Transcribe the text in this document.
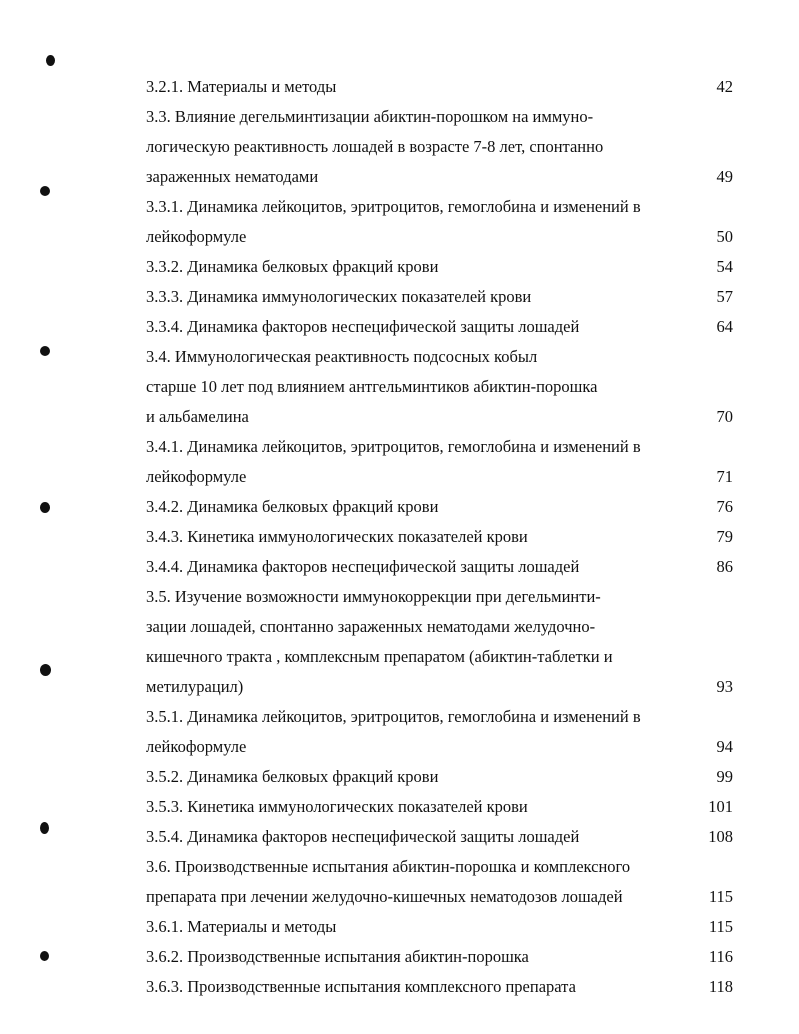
3.2.1. Материалы и методы	42
3.3. Влияние дегельминтизации абиктин-порошком на иммуно-
логическую реактивность лошадей в возрасте 7-8 лет, спонтанно
зараженных нематодами	49
3.3.1. Динамика лейкоцитов, эритроцитов, гемоглобина и изменений в
лейкоформуле	50
3.3.2. Динамика белковых фракций крови	54
3.3.3. Динамика иммунологических показателей крови	57
3.3.4. Динамика факторов неспецифической защиты лошадей	64
3.4. Иммунологическая реактивность подсосных кобыл
старше 10 лет под влиянием антгельминтиков абиктин-порошка
и альбамелина	70
3.4.1. Динамика лейкоцитов, эритроцитов, гемоглобина и изменений в
лейкоформуле	71
3.4.2. Динамика белковых фракций крови	76
3.4.3. Кинетика иммунологических показателей крови	79
3.4.4. Динамика факторов неспецифической защиты лошадей	86
3.5. Изучение возможности иммунокоррекции при дегельминти-
зации лошадей, спонтанно зараженных нематодами желудочно-
кишечного тракта , комплексным препаратом (абиктин-таблетки и
метилурацил)	93
3.5.1. Динамика лейкоцитов, эритроцитов, гемоглобина и изменений в
лейкоформуле	94
3.5.2. Динамика белковых фракций крови	99
3.5.3. Кинетика иммунологических показателей крови	101
3.5.4. Динамика факторов неспецифической защиты лошадей	108
3.6. Производственные испытания абиктин-порошка и комплексного
препарата при лечении желудочно-кишечных нематодозов лошадей	115
3.6.1. Материалы и методы	115
3.6.2. Производственные испытания абиктин-порошка	116
3.6.3. Производственные испытания комплексного препарата	118
